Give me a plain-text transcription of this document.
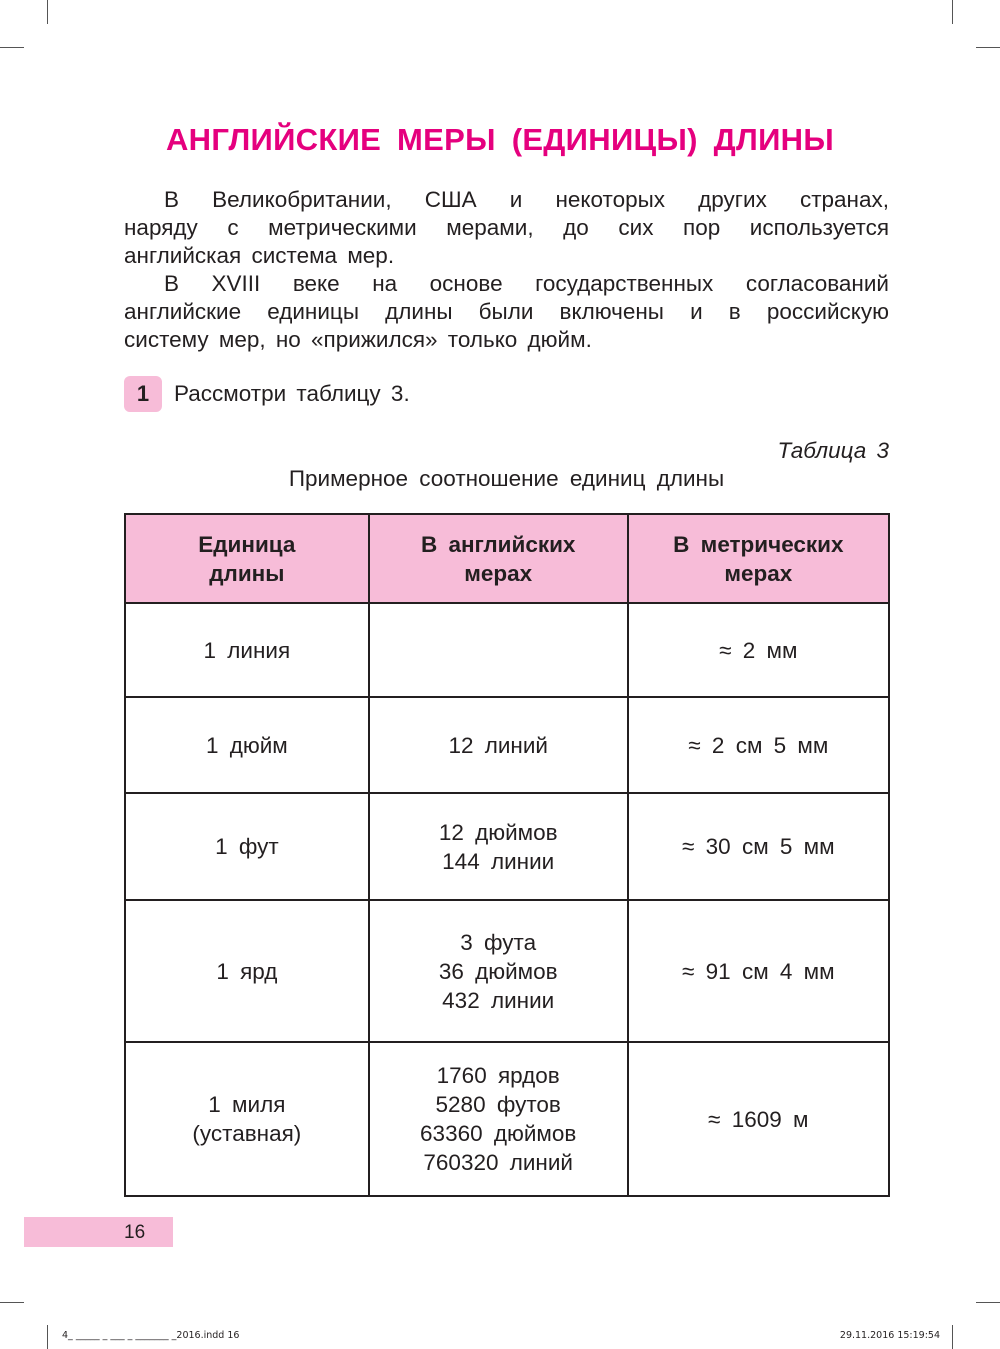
АНГЛИЙСКИЕ МЕРЫ (ЕДИНИЦЫ) ДЛИНЫ

В Великобритании, США и некоторых других странах,
наряду с метрическими мерами, до сих пор используется
английская система мер.

В XVIII веке на основе государственных согласований
английские единицы длины были включены и в российскую
систему мер, но «прижился» только дюйм.

1	Рассмотри таблицу 3.
Таблица 3
Примерное соотношение единиц длины
Единица
длины	В английских
мерах	В метрических
мерах

1 линия		≈ 2 мм

1 дюйм	12 линий	≈ 2 см 5 мм

1 фут	12 дюймов
144 линии	≈ 30 см 5 мм

1 ярд	3 фута
36 дюймов
432 линии	≈ 91 см 4 мм

1 миля
(уставная)	1760 ярдов
5280 футов
63360 дюймов
760320 линий	≈ 1609 м
16
4_ _____ _ ___ _ _______ _2016.indd 16	29.11.2016 15:19:54
